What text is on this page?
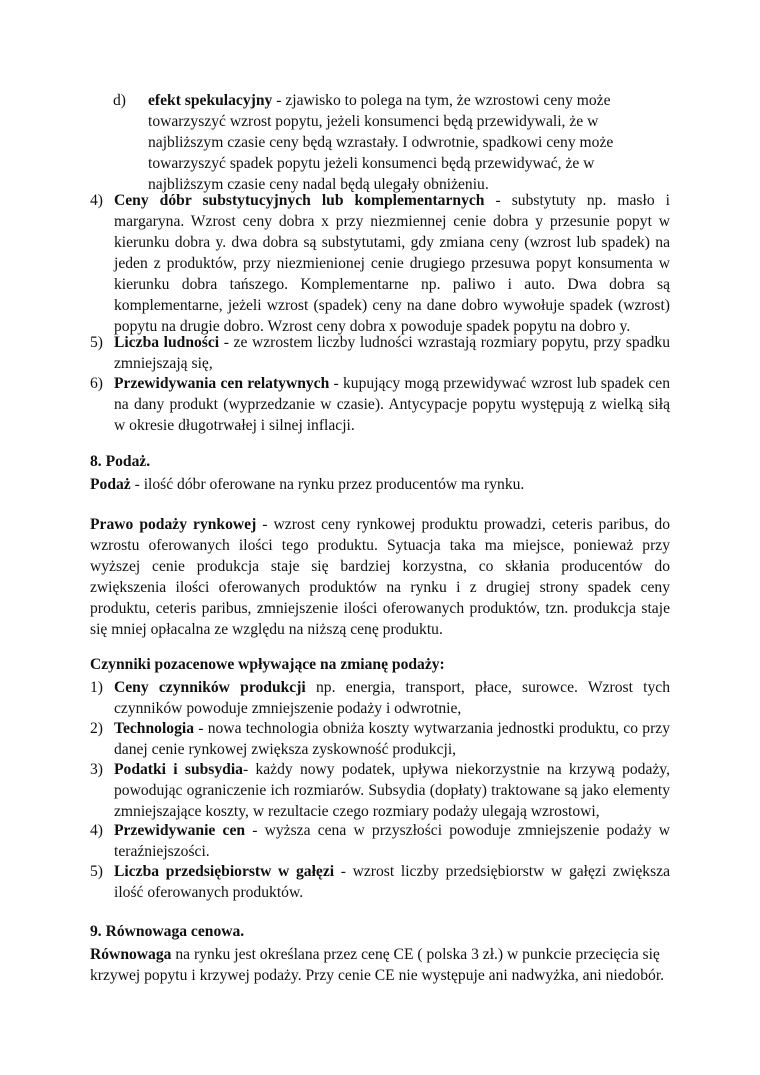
d) efekt spekulacyjny - zjawisko to polega na tym, że wzrostowi ceny może towarzyszyć wzrost popytu, jeżeli konsumenci będą przewidywali, że w najbliższym czasie ceny będą wzrastały. I odwrotnie, spadkowi ceny może towarzyszyć spadek popytu jeżeli konsumenci będą przewidywać, że w najbliższym czasie ceny nadal będą ulegały obniżeniu.
4) Ceny dóbr substytucyjnych lub komplementarnych - substytuty np. masło i margaryna. Wzrost ceny dobra x przy niezmiennej cenie dobra y przesunie popyt w kierunku dobra y. dwa dobra są substytutami, gdy zmiana ceny (wzrost lub spadek) na jeden z produktów, przy niezmienionej cenie drugiego przesuwa popyt konsumenta w kierunku dobra tańszego. Komplementarne np. paliwo i auto. Dwa dobra są komplementarne, jeżeli wzrost (spadek) ceny na dane dobro wywołuje spadek (wzrost) popytu na drugie dobro. Wzrost ceny dobra x powoduje spadek popytu na dobro y.
5) Liczba ludności - ze wzrostem liczby ludności wzrastają rozmiary popytu, przy spadku zmniejszają się,
6) Przewidywania cen relatywnych - kupujący mogą przewidywać wzrost lub spadek cen na dany produkt (wyprzedzanie w czasie). Antycypacje popytu występują z wielką siłą w okresie długotrwałej i silnej inflacji.
8. Podaż.
Podaż - ilość dóbr oferowane na rynku przez producentów ma rynku.
Prawo podaży rynkowej - wzrost ceny rynkowej produktu prowadzi, ceteris paribus, do wzrostu oferowanych ilości tego produktu. Sytuacja taka ma miejsce, ponieważ przy wyższej cenie produkcja staje się bardziej korzystna, co skłania producentów do zwiększenia ilości oferowanych produktów na rynku i z drugiej strony spadek ceny produktu, ceteris paribus, zmniejszenie ilości oferowanych produktów, tzn. produkcja staje się mniej opłacalna ze względu na niższą cenę produktu.
Czynniki pozacenowe wpływające na zmianę podaży:
1) Ceny czynników produkcji np. energia, transport, płace, surowce. Wzrost tych czynników powoduje zmniejszenie podaży i odwrotnie,
2) Technologia - nowa technologia obniża koszty wytwarzania jednostki produktu, co przy danej cenie rynkowej zwiększa zyskowność produkcji,
3) Podatki i subsydia- każdy nowy podatek, upływa niekorzystnie na krzywą podaży, powodując ograniczenie ich rozmiarów. Subsydia (dopłaty) traktowane są jako elementy zmniejszające koszty, w rezultacie czego rozmiary podaży ulegają wzrostowi,
4) Przewidywanie cen - wyższa cena w przyszłości powoduje zmniejszenie podaży w teraźniejszości.
5) Liczba przedsiębiorstw w gałęzi - wzrost liczby przedsiębiorstw w gałęzi zwiększa ilość oferowanych produktów.
9. Równowaga cenowa.
Równowaga na rynku jest określana przez cenę CE ( polska 3 zł.) w punkcie przecięcia się krzywej popytu i krzywej podaży. Przy cenie CE nie występuje ani nadwyżka, ani niedobór.
